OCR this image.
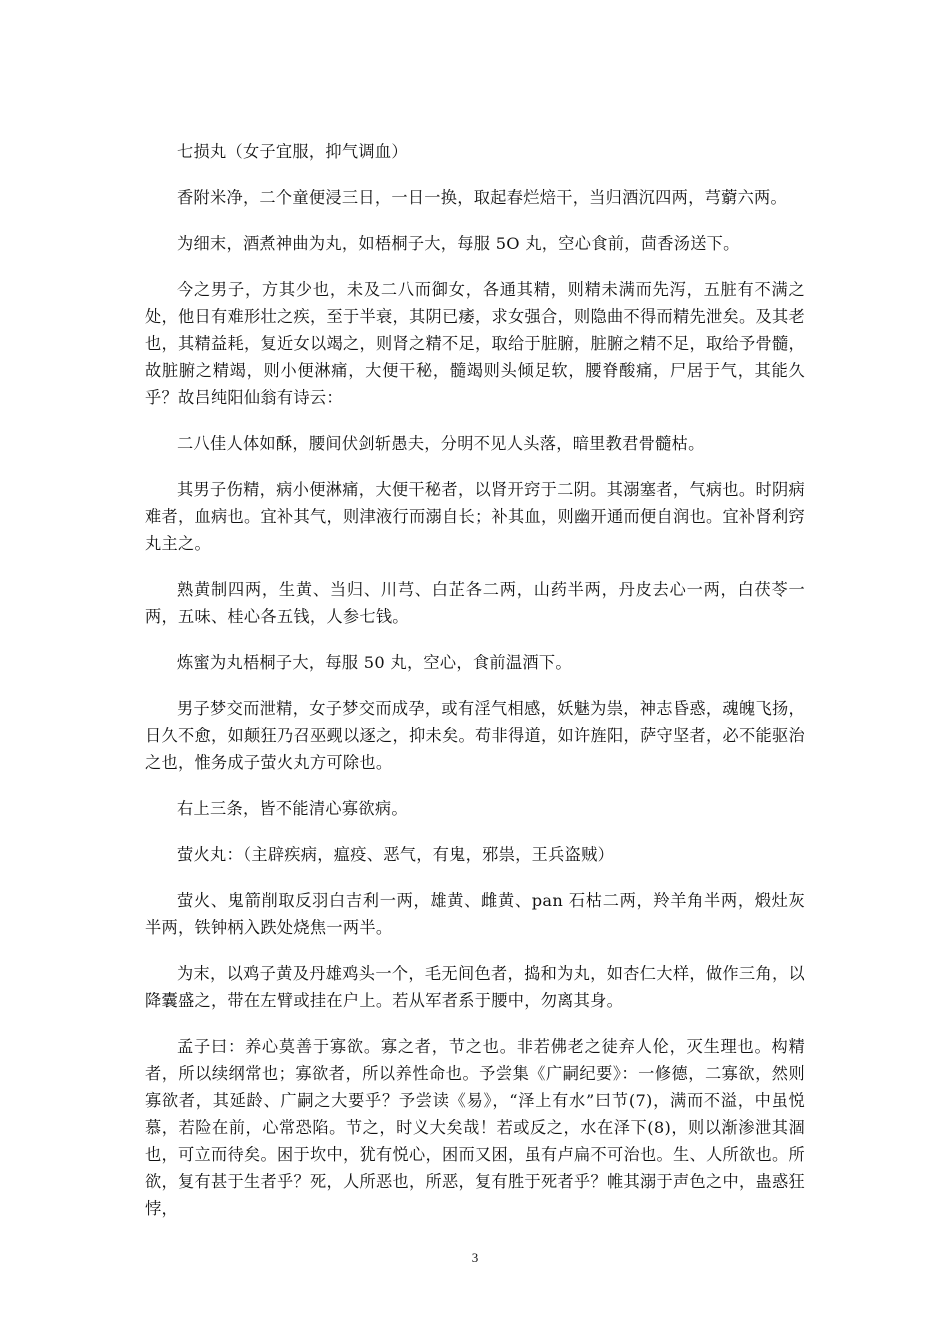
七损丸（女子宜服，抑气调血）

香附米净，二个童便浸三日，一日一换，取起春烂焙干，当归酒沉四两，芎藭六两。

为细末，酒煮神曲为丸，如梧桐子大，每服 5O 丸，空心食前，茴香汤送下。

今之男子，方其少也，未及二八而御女，各通其精，则精未满而先泻，五脏有不满之处，他日有难形壮之疾，至于半衰，其阴已痿，求女强合，则隐曲不得而精先泄矣。及其老也，其精益耗，复近女以竭之，则肾之精不足，取给于脏腑，脏腑之精不足，取给予骨髓，故脏腑之精竭，则小便淋痛，大便干秘，髓竭则头倾足软，腰脊酸痛，尸居于气，其能久乎？故吕纯阳仙翁有诗云：

二八佳人体如酥，腰间伏剑斩愚夫，分明不见人头落，暗里教君骨髓枯。

其男子伤精，病小便淋痛，大便干秘者，以肾开窍于二阴。其溺塞者，气病也。时阴病难者，血病也。宜补其气，则津液行而溺自长；补其血，则幽开通而便自润也。宜补肾利窍丸主之。

熟黄制四两，生黄、当归、川芎、白芷各二两，山药半两，丹皮去心一两，白茯苓一两，五味、桂心各五钱，人参七钱。

炼蜜为丸梧桐子大，每服 50 丸，空心，食前温酒下。

男子梦交而泄精，女子梦交而成孕，或有淫气相感，妖魅为祟，神志昏惑，魂魄飞扬，日久不愈，如颠狂乃召巫觋以逐之，抑未矣。苟非得道，如许旌阳，萨守坚者，必不能驱治之也，惟务成子萤火丸方可除也。

右上三条，皆不能清心寡欲病。

萤火丸：（主辟疾病，瘟疫、恶气，有鬼，邪祟，王兵盗贼）

萤火、鬼箭削取反羽白吉利一两，雄黄、雌黄、pan 石枯二两，羚羊角半两，煅灶灰半两，铁钟柄入跌处烧焦一两半。

为末，以鸡子黄及丹雄鸡头一个，毛无间色者，捣和为丸，如杏仁大样，做作三角，以降囊盛之，带在左臂或挂在户上。若从军者系于腰中，勿离其身。

孟子曰：养心莫善于寡欲。寡之者，节之也。非若佛老之徒弃人伦，灭生理也。构精者，所以续纲常也；寡欲者，所以养性命也。予尝集《广嗣纪要》：一修德，二寡欲，然则寡欲者，其延龄、广嗣之大要乎？予尝读《易》，“泽上有水”曰节(7)，满而不溢，中虽悦慕，若险在前，心常恐陷。节之，时义大矣哉！若或反之，水在泽下(8)，则以渐渗泄其涸也，可立而待矣。困于坎中，犹有悦心，困而又困，虽有卢扁不可治也。生、人所欲也。所欲，复有甚于生者乎？死，人所恶也，所恶，复有胜于死者乎？帷其溺于声色之中，蛊惑狂悖，

3
